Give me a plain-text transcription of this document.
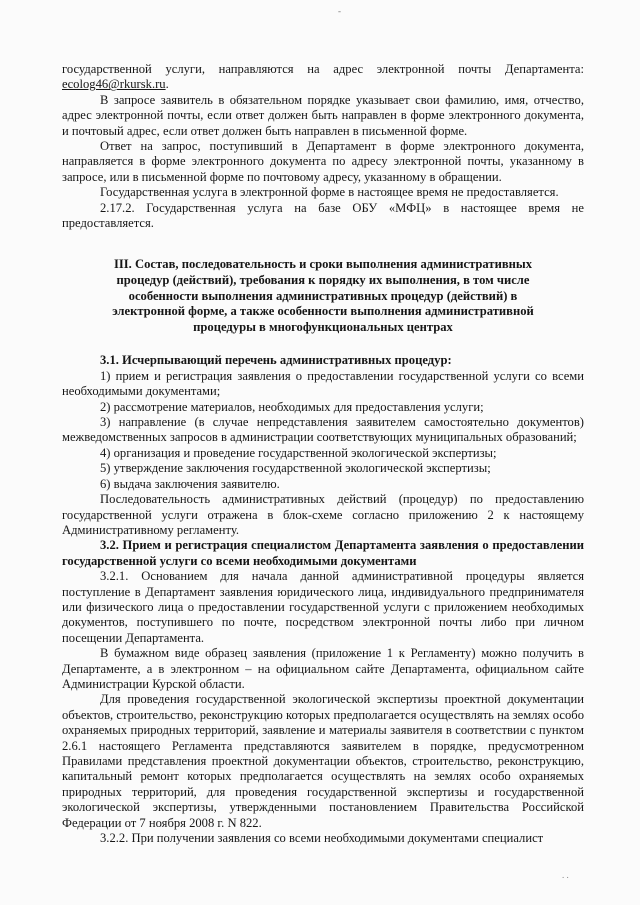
-

государственной услуги, направляются на адрес электронной почты Департамента: ecolog46@rkursk.ru.

В запросе заявитель в обязательном порядке указывает свои фамилию, имя, отчество, адрес электронной почты, если ответ должен быть направлен в форме электронного документа, и почтовый адрес, если ответ должен быть направлен в письменной форме.

Ответ на запрос, поступивший в Департамент в форме электронного документа, направляется в форме электронного документа по адресу электронной почты, указанному в запросе, или в письменной форме по почтовому адресу, указанному в обращении.

Государственная услуга в электронной форме в настоящее время не предоставляется.

2.17.2. Государственная услуга на базе ОБУ «МФЦ» в настоящее время не предоставляется.

III. Состав, последовательность и сроки выполнения административных процедур (действий), требования к порядку их выполнения, в том числе особенности выполнения административных процедур (действий) в электронной форме, а также особенности выполнения административной процедуры в многофункциональных центрах

3.1. Исчерпывающий перечень административных процедур:

1) прием и регистрация заявления о предоставлении государственной услуги со всеми необходимыми документами;

2) рассмотрение материалов, необходимых для предоставления услуги;

3) направление (в случае непредставления заявителем самостоятельно документов) межведомственных запросов в администрации соответствующих муниципальных образований;

4) организация и проведение государственной экологической экспертизы;

5) утверждение заключения государственной экологической экспертизы;

6) выдача заключения заявителю.

Последовательность административных действий (процедур) по предоставлению государственной услуги отражена в блок-схеме согласно приложению 2 к настоящему Административному регламенту.

3.2. Прием и регистрация специалистом Департамента заявления о предоставлении государственной услуги со всеми необходимыми документами

3.2.1. Основанием для начала данной административной процедуры является поступление в Департамент заявления юридического лица, индивидуального предпринимателя или физического лица о предоставлении государственной услуги с приложением необходимых документов, поступившего по почте, посредством электронной почты либо при личном посещении Департамента.

В бумажном виде образец заявления (приложение 1 к Регламенту) можно получить в Департаменте, а в электронном – на официальном сайте Департамента, официальном сайте Администрации Курской области.

Для проведения государственной экологической экспертизы проектной документации объектов, строительство, реконструкцию которых предполагается осуществлять на землях особо охраняемых природных территорий, заявление и материалы заявителя в соответствии с пунктом 2.6.1 настоящего Регламента представляются заявителем в порядке, предусмотренном Правилами представления проектной документации объектов, строительство, реконструкцию, капитальный ремонт которых предполагается осуществлять на землях особо охраняемых природных территорий, для проведения государственной экспертизы и государственной экологической экспертизы, утвержденными постановлением Правительства Российской Федерации от 7 ноября 2008 г. N 822.

3.2.2. При получении заявления со всеми необходимыми документами специалист

. .
